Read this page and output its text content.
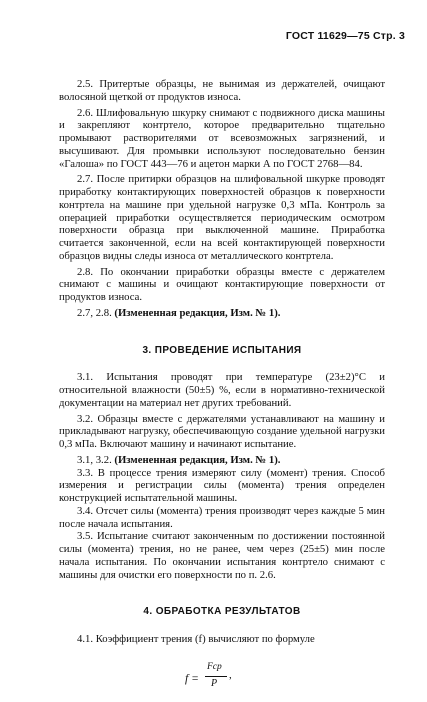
ГОСТ 11629—75 Стр. 3

2.5. Притертые образцы, не вынимая из держателей, очищают волосяной щеткой от продуктов износа.

2.6. Шлифовальную шкурку снимают с подвижного диска машины и закрепляют контртело, которое предварительно тщательно промывают растворителями от всевозможных загрязнений, и высушивают. Для промывки используют последовательно бензин «Галоша» по ГОСТ 443—76 и ацетон марки А по ГОСТ 2768—84.

2.7. После притирки образцов на шлифовальной шкурке проводят приработку контактирующих поверхностей образцов к поверхности контртела на машине при удельной нагрузке 0,3 мПа. Контроль за операцией приработки осуществляется периодическим осмотром поверхности образца при выключенной машине. Приработка считается законченной, если на всей контактирующей поверхности образцов видны следы износа от металлического контртела.

2.8. По окончании приработки образцы вместе с держателем снимают с машины и очищают контактирующие поверхности от продуктов износа.

2.7, 2.8. (Измененная редакция, Изм. № 1).

3. ПРОВЕДЕНИЕ ИСПЫТАНИЯ

3.1. Испытания проводят при температуре (23±2)°С и относительной влажности (50±5) %, если в нормативно-технической документации на материал нет других требований.

3.2. Образцы вместе с держателями устанавливают на машину и прикладывают нагрузку, обеспечивающую создание удельной нагрузки 0,3 мПа. Включают машину и начинают испытание.

3.1, 3.2. (Измененная редакция, Изм. № 1).

3.3. В процессе трения измеряют силу (момент) трения. Способ измерения и регистрации силы (момента) трения определен конструкцией испытательной машины.

3.4. Отсчет силы (момента) трения производят через каждые 5 мин после начала испытания.

3.5. Испытание считают законченным по достижении постоянной силы (момента) трения, но не ранее, чем через (25±5) мин после начала испытания. По окончании испытания контртело снимают с машины для очистки его поверхности по п. 2.6.

4. ОБРАБОТКА РЕЗУЛЬТАТОВ

4.1. Коэффициент трения (f) вычисляют по формуле

f =
Fср
P
,
